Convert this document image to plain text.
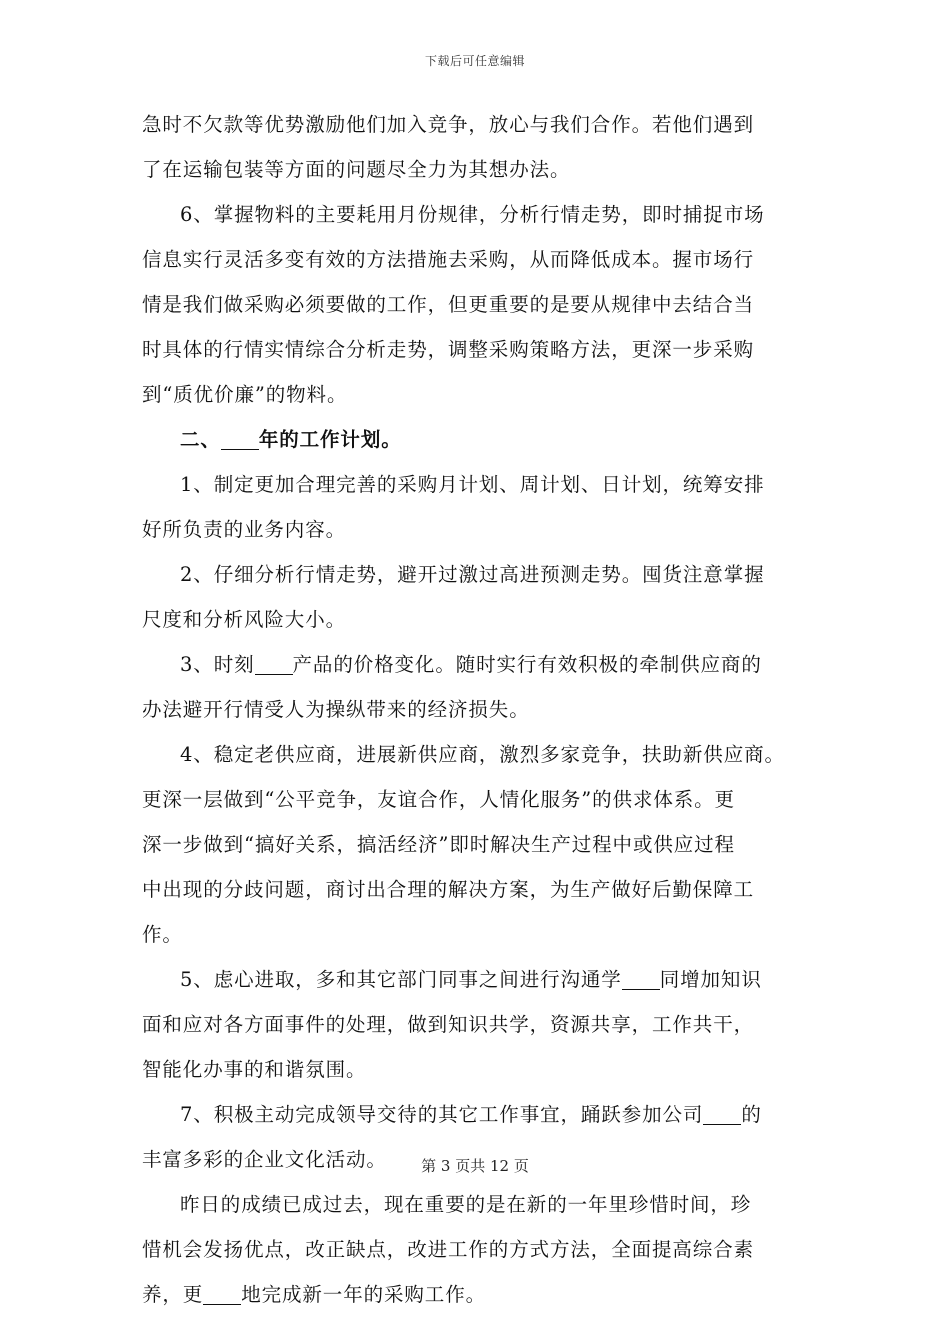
下载后可任意编辑
急时不欠款等优势激励他们加入竞争，放心与我们合作。若他们遇到
了在运输包装等方面的问题尽全力为其想办法。
6、掌握物料的主要耗用月份规律，分析行情走势，即时捕捉市场
信息实行灵活多变有效的方法措施去采购，从而降低成本。握市场行
情是我们做采购必须要做的工作，但更重要的是要从规律中去结合当
时具体的行情实情综合分析走势，调整采购策略方法，更深一步采购
到“质优价廉”的物料。
二、 年的工作计划。
1、制定更加合理完善的采购月计划、周计划、日计划，统筹安排
好所负责的业务内容。
2、仔细分析行情走势，避开过激过高进预测走势。囤货注意掌握
尺度和分析风险大小。
3、时刻 产品的价格变化。随时实行有效积极的牵制供应商的
办法避开行情受人为操纵带来的经济损失。
4、稳定老供应商，进展新供应商，激烈多家竞争，扶助新供应商。
更深一层做到“公平竞争，友谊合作，人情化服务”的供求体系。更
深一步做到“搞好关系，搞活经济”即时解决生产过程中或供应过程
中出现的分歧问题，商讨出合理的解决方案，为生产做好后勤保障工
作。
5、虑心进取，多和其它部门同事之间进行沟通学 同增加知识
面和应对各方面事件的处理，做到知识共学，资源共享，工作共干，
智能化办事的和谐氛围。
7、积极主动完成领导交待的其它工作事宜，踊跃参加公司 的
丰富多彩的企业文化活动。
昨日的成绩已成过去，现在重要的是在新的一年里珍惜时间，珍
惜机会发扬优点，改正缺点，改进工作的方式方法，全面提高综合素
养，更 地完成新一年的采购工作。
第 3 页共 12 页
